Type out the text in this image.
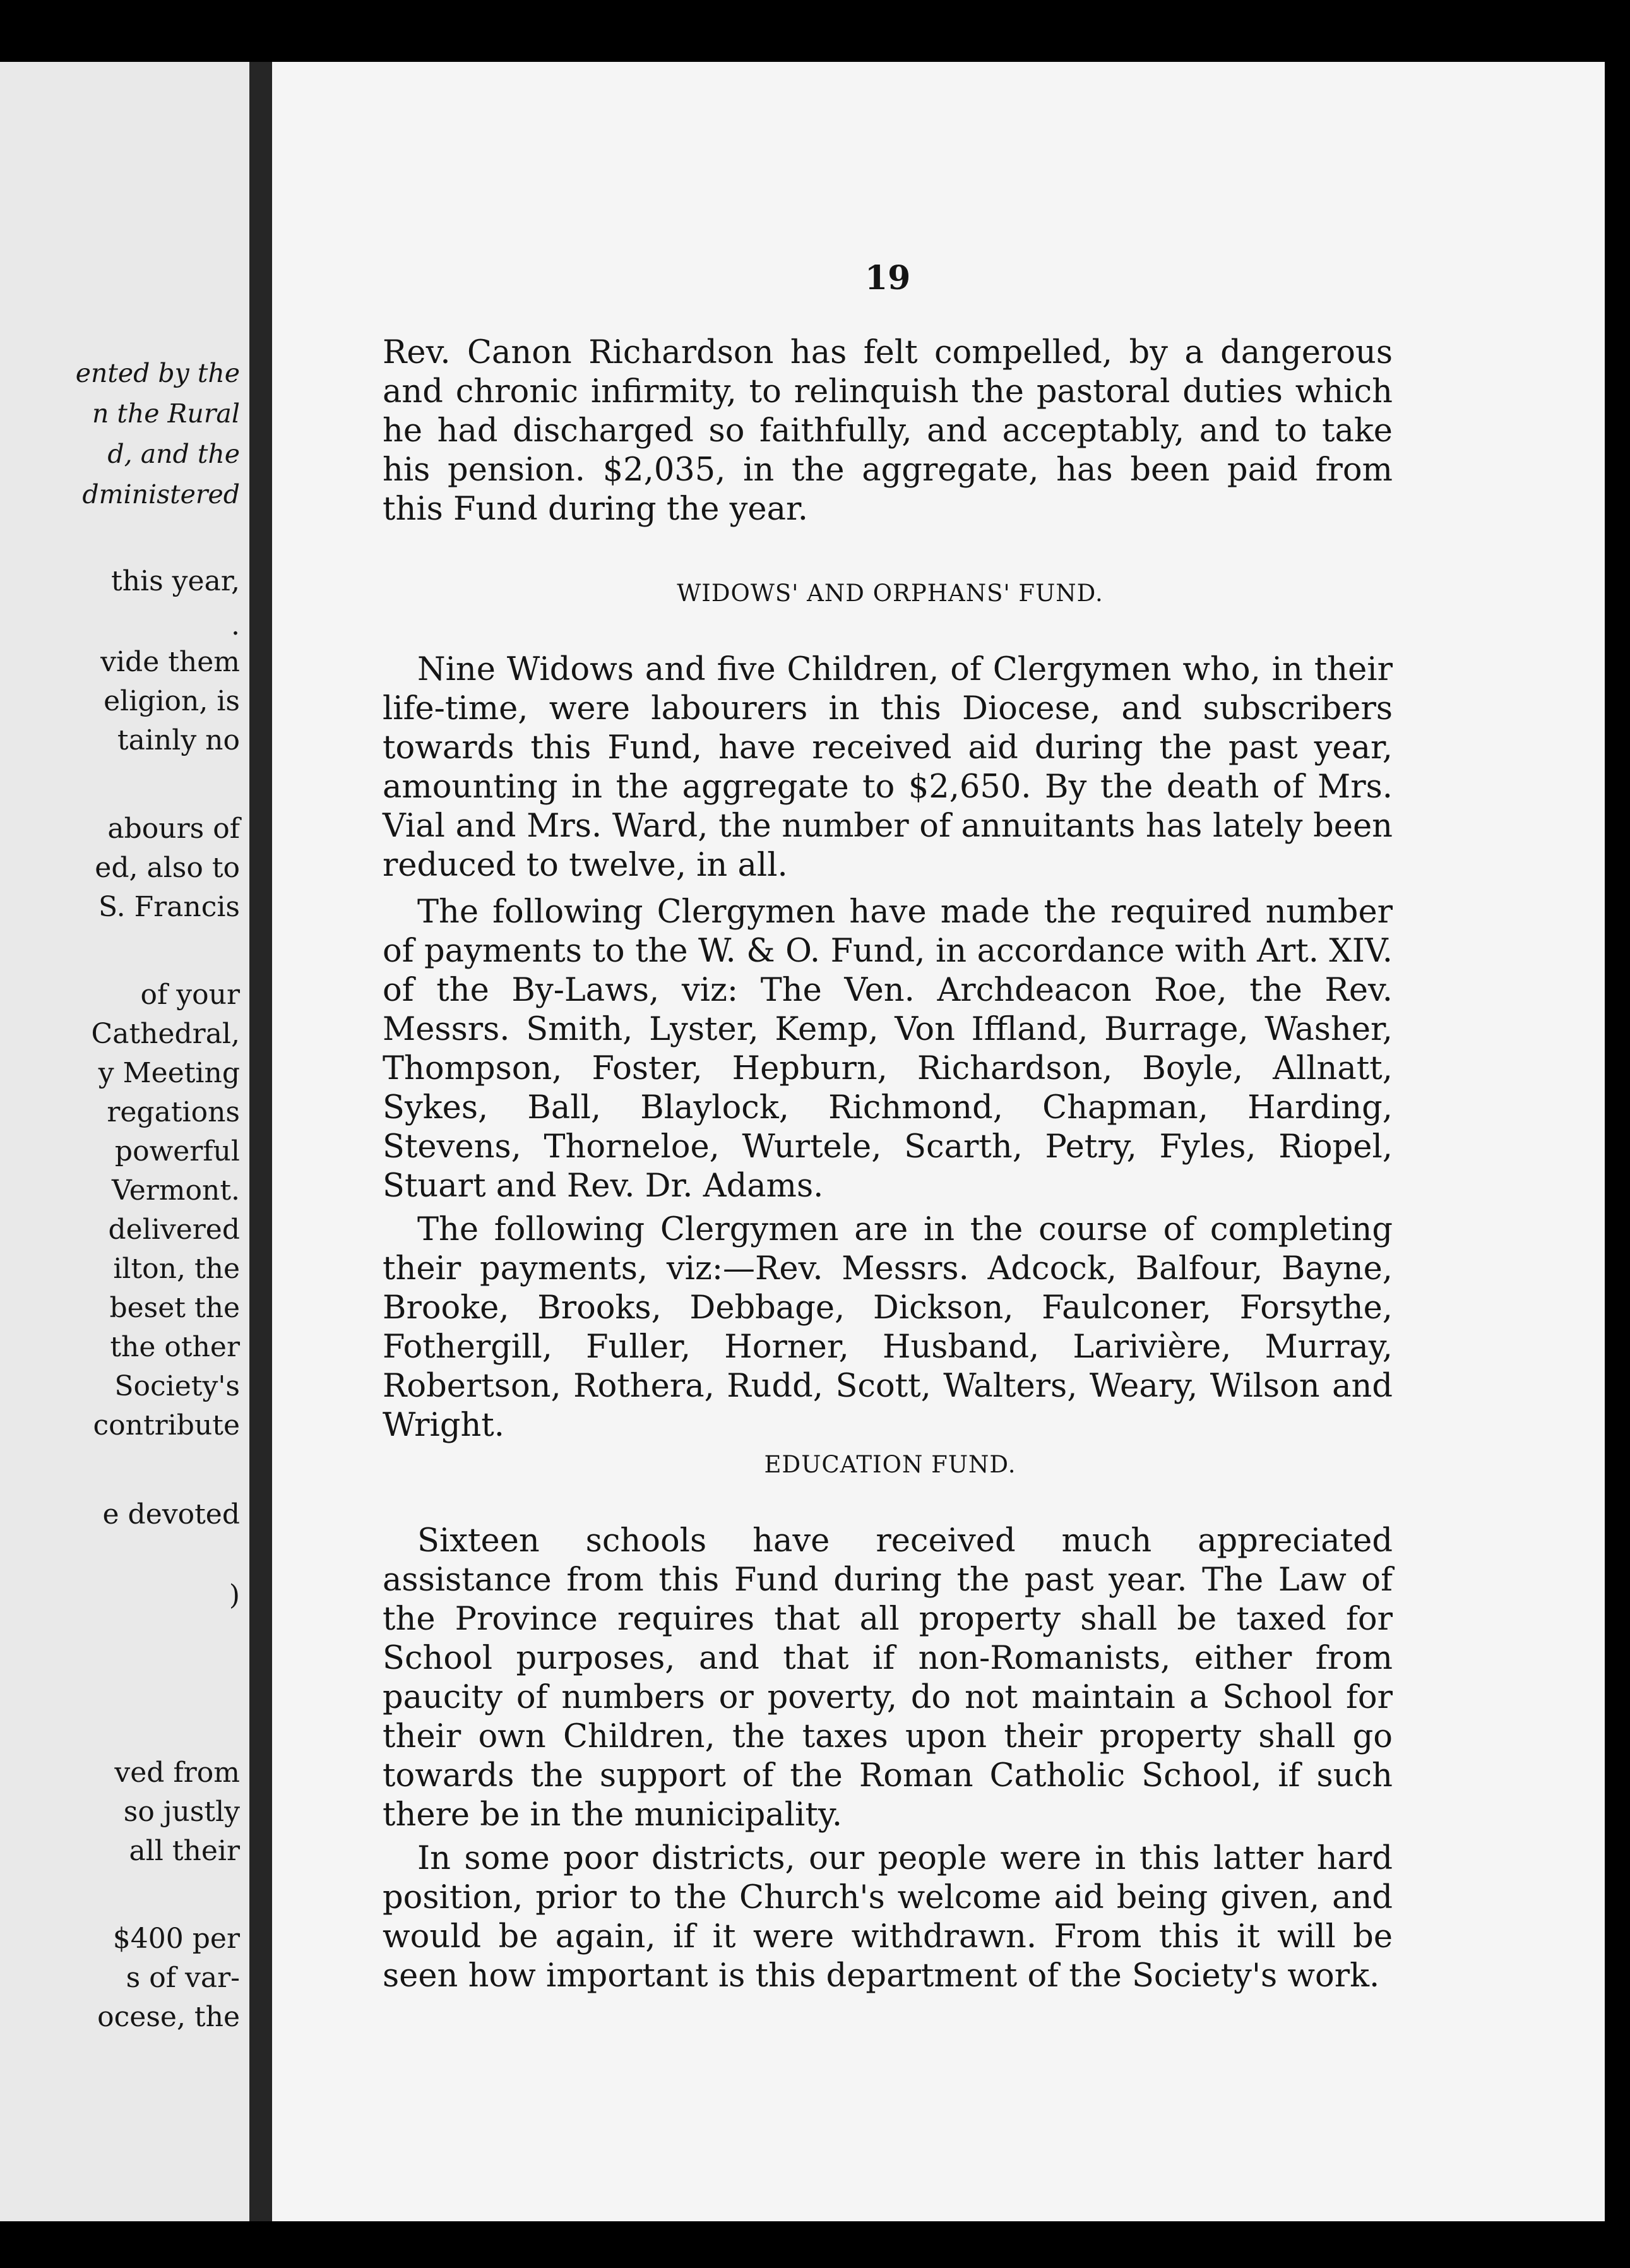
ented by the
n the Rural
d, and the
dministered
this year,
.
vide them
eligion, is
tainly no
abours of
ed, also to
S. Francis
of your
Cathedral,
y Meeting
regations
powerful
Vermont.
delivered
ilton, the
beset the
the other
Society's
contribute
e devoted
)
ved from
so justly
all their
$400 per
s of var-
ocese, the
19

Rev. Canon Richardson has felt compelled, by a dangerous and chronic infirmity, to relinquish the pastoral duties which he had discharged so faithfully, and acceptably, and to take his pension. $2,035, in the aggregate, has been paid from this Fund during the year.

WIDOWS' AND ORPHANS' FUND.

Nine Widows and five Children, of Clergymen who, in their life-time, were labourers in this Diocese, and subscribers towards this Fund, have received aid during the past year, amounting in the aggregate to $2,650. By the death of Mrs. Vial and Mrs. Ward, the number of annuitants has lately been reduced to twelve, in all.

The following Clergymen have made the required number of payments to the W. & O. Fund, in accordance with Art. XIV. of the By-Laws, viz: The Ven. Archdeacon Roe, the Rev. Messrs. Smith, Lyster, Kemp, Von Iffland, Burrage, Washer, Thompson, Foster, Hepburn, Richardson, Boyle, Allnatt, Sykes, Ball, Blaylock, Richmond, Chapman, Harding, Stevens, Thorneloe, Wurtele, Scarth, Petry, Fyles, Riopel, Stuart and Rev. Dr. Adams.

The following Clergymen are in the course of completing their payments, viz:—Rev. Messrs. Adcock, Balfour, Bayne, Brooke, Brooks, Debbage, Dickson, Faulconer, Forsythe, Fothergill, Fuller, Horner, Husband, Larivière, Murray, Robertson, Rothera, Rudd, Scott, Walters, Weary, Wilson and Wright.

EDUCATION FUND.

Sixteen schools have received much appreciated assistance from this Fund during the past year. The Law of the Province requires that all property shall be taxed for School purposes, and that if non-Romanists, either from paucity of numbers or poverty, do not maintain a School for their own Children, the taxes upon their property shall go towards the support of the Roman Catholic School, if such there be in the municipality.

In some poor districts, our people were in this latter hard position, prior to the Church's welcome aid being given, and would be again, if it were withdrawn. From this it will be seen how important is this department of the Society's work.
